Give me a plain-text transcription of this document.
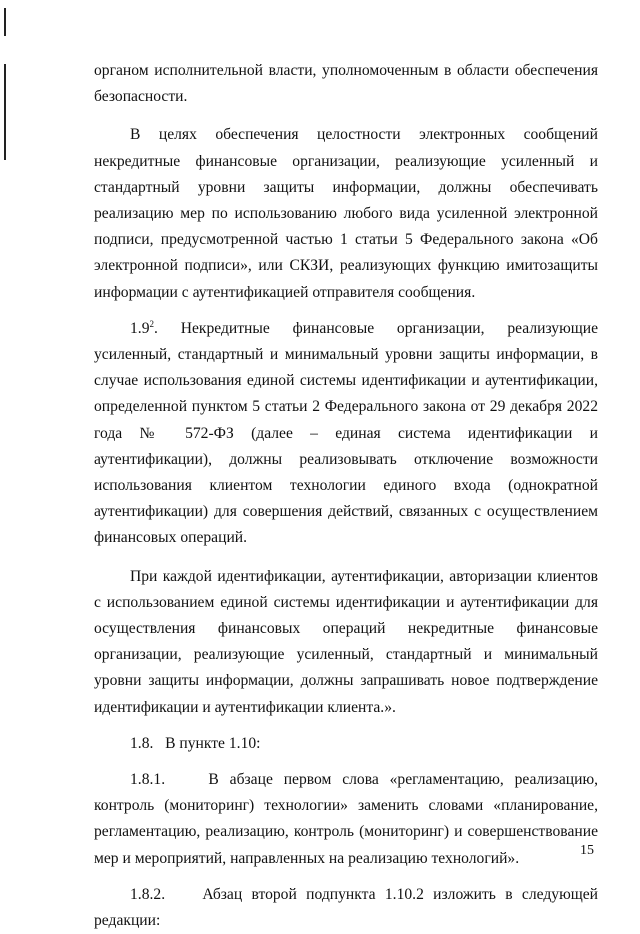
органом исполнительной власти, уполномоченным в области обеспечения безопасности.

В целях обеспечения целостности электронных сообщений некредитные финансовые организации, реализующие усиленный и стандартный уровни защиты информации, должны обеспечивать реализацию мер по использованию любого вида усиленной электронной подписи, предусмотренной частью 1 статьи 5 Федерального закона «Об электронной подписи», или СКЗИ, реализующих функцию имитозащиты информации с аутентификацией отправителя сообщения.

$1.9^2$. Некредитные финансовые организации, реализующие усиленный, стандартный и минимальный уровни защиты информации, в случае использования единой системы идентификации и аутентификации, определенной пунктом 5 статьи 2 Федерального закона от 29 декабря 2022 года № 572-ФЗ (далее – единая система идентификации и аутентификации), должны реализовывать отключение возможности использования клиентом технологии единого входа (однократной аутентификации) для совершения действий, связанных с осуществлением финансовых операций.

При каждой идентификации, аутентификации, авторизации клиентов с использованием единой системы идентификации и аутентификации для осуществления финансовых операций некредитные финансовые организации, реализующие усиленный, стандартный и минимальный уровни защиты информации, должны запрашивать новое подтверждение идентификации и аутентификации клиента.».

1.8.   В пункте 1.10:

1.8.1.    В абзаце первом слова «регламентацию, реализацию, контроль (мониторинг) технологии» заменить словами «планирование, регламентацию, реализацию, контроль (мониторинг) и совершенствование мер и мероприятий, направленных на реализацию технологий».

1.8.2.    Абзац второй подпункта 1.10.2 изложить в следующей редакции:

15
